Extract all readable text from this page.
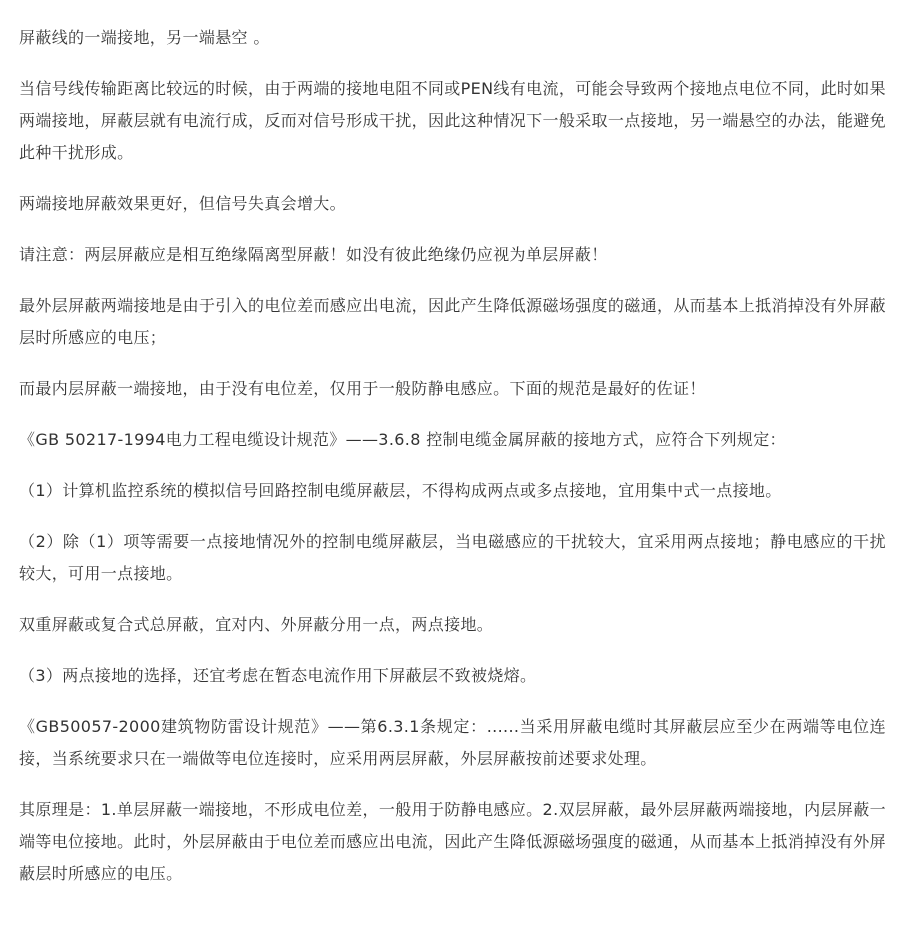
屏蔽线的一端接地，另一端悬空 。

当信号线传输距离比较远的时候，由于两端的接地电阻不同或PEN线有电流，可能会导致两个接地点电位不同，此时如果两端接地，屏蔽层就有电流行成，反而对信号形成干扰，因此这种情况下一般采取一点接地，另一端悬空的办法，能避免此种干扰形成。

两端接地屏蔽效果更好，但信号失真会增大。

请注意：两层屏蔽应是相互绝缘隔离型屏蔽！如没有彼此绝缘仍应视为单层屏蔽！

最外层屏蔽两端接地是由于引入的电位差而感应出电流，因此产生降低源磁场强度的磁通，从而基本上抵消掉没有外屏蔽层时所感应的电压；

而最内层屏蔽一端接地，由于没有电位差，仅用于一般防静电感应。下面的规范是最好的佐证！

《GB 50217-1994电力工程电缆设计规范》——3.6.8 控制电缆金属屏蔽的接地方式，应符合下列规定：

（1）计算机监控系统的模拟信号回路控制电缆屏蔽层，不得构成两点或多点接地，宜用集中式一点接地。

（2）除（1）项等需要一点接地情况外的控制电缆屏蔽层，当电磁感应的干扰较大，宜采用两点接地；静电感应的干扰较大，可用一点接地。

双重屏蔽或复合式总屏蔽，宜对内、外屏蔽分用一点，两点接地。

（3）两点接地的选择，还宜考虑在暂态电流作用下屏蔽层不致被烧熔。

《GB50057-2000建筑物防雷设计规范》——第6.3.1条规定：......当采用屏蔽电缆时其屏蔽层应至少在两端等电位连接，当系统要求只在一端做等电位连接时，应采用两层屏蔽，外层屏蔽按前述要求处理。

其原理是：1.单层屏蔽一端接地，不形成电位差，一般用于防静电感应。2.双层屏蔽，最外层屏蔽两端接地，内层屏蔽一端等电位接地。此时，外层屏蔽由于电位差而感应出电流，因此产生降低源磁场强度的磁通，从而基本上抵消掉没有外屏蔽层时所感应的电压。
